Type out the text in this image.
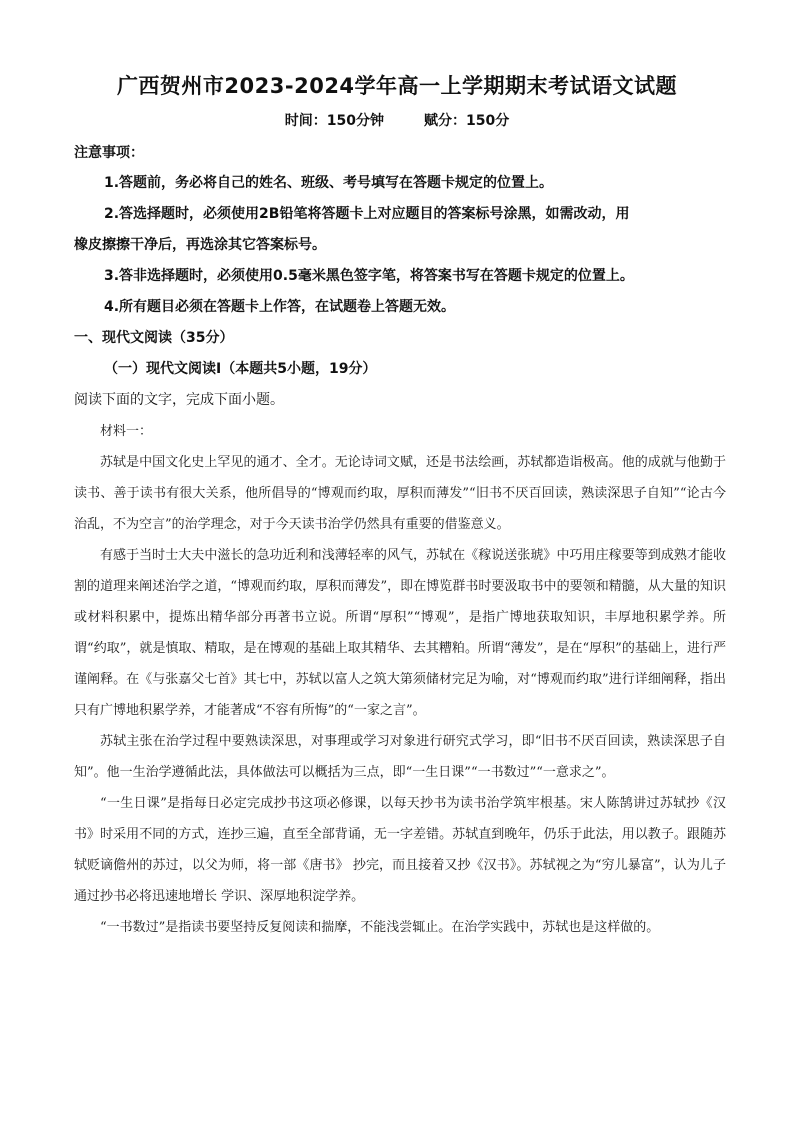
广西贺州市2023-2024学年高一上学期期末考试语文试题
时间：150分钟	赋分：150分
注意事项：
1.答题前，务必将自己的姓名、班级、考号填写在答题卡规定的位置上。
2.答选择题时，必须使用2B铅笔将答题卡上对应题目的答案标号涂黑，如需改动，用
橡皮擦擦干净后，再选涂其它答案标号。
3.答非选择题时，必须使用0.5毫米黑色签字笔，将答案书写在答题卡规定的位置上。
4.所有题目必须在答题卡上作答，在试题卷上答题无效。
一、现代文阅读（35分）
（一）现代文阅读Ⅰ（本题共5小题，19分）
阅读下面的文字，完成下面小题。

材料一：

苏轼是中国文化史上罕见的通才、全才。无论诗词文赋，还是书法绘画，苏轼都造诣极高。他的成就与他勤于读书、善于读书有很大关系，他所倡导的“博观而约取，厚积而薄发”“旧书不厌百回读，熟读深思子自知”“论古今治乱，不为空言”的治学理念，对于今天读书治学仍然具有重要的借鉴意义。

有感于当时士大夫中滋长的急功近利和浅薄轻率的风气，苏轼在《稼说送张琥》中巧用庄稼要等到成熟才能收割的道理来阐述治学之道，“博观而约取，厚积而薄发”，即在博览群书时要汲取书中的要领和精髓，从大量的知识或材料积累中，提炼出精华部分再著书立说。所谓“厚积”“博观”，是指广博地获取知识，丰厚地积累学养。所谓“约取”，就是慎取、精取，是在博观的基础上取其精华、去其糟粕。所谓“薄发”，是在“厚积”的基础上，进行严谨阐释。在《与张嘉父七首》其七中，苏轼以富人之筑大第须储材完足为喻，对“博观而约取”进行详细阐释，指出只有广博地积累学养，才能著成“不容有所悔”的“一家之言”。

苏轼主张在治学过程中要熟读深思，对事理或学习对象进行研究式学习，即“旧书不厌百回读，熟读深思子自知”。他一生治学遵循此法，具体做法可以概括为三点，即“一生日课”“一书数过”“一意求之”。

“一生日课”是指每日必定完成抄书这项必修课，以每天抄书为读书治学筑牢根基。宋人陈鹄讲过苏轼抄《汉书》时采用不同的方式，连抄三遍，直至全部背诵，无一字差错。苏轼直到晚年，仍乐于此法，用以教子。跟随苏轼贬谪儋州的苏过，以父为师，将一部《唐书》 抄完，而且接着又抄《汉书》。苏轼视之为“穷儿暴富”，认为儿子通过抄书必将迅速地增长 学识、深厚地积淀学养。

“一书数过”是指读书要坚持反复阅读和揣摩，不能浅尝辄止。在治学实践中，苏轼也是这样做的。
